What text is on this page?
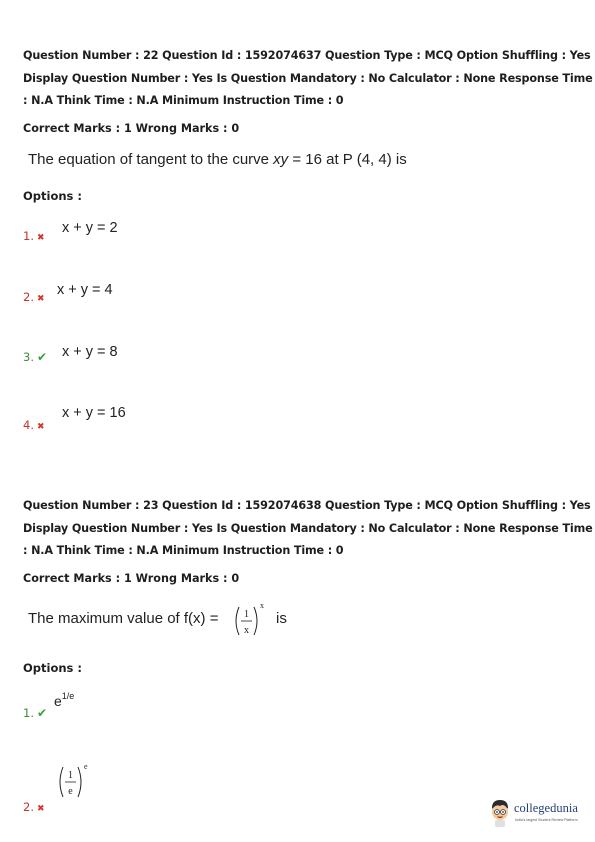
Question Number : 22 Question Id : 1592074637 Question Type : MCQ Option Shuffling : Yes
Display Question Number : Yes Is Question Mandatory : No Calculator : None Response Time
: N.A Think Time : N.A Minimum Instruction Time : 0
Correct Marks : 1 Wrong Marks : 0
The equation of tangent to the curve xy = 16 at P (4, 4) is
Options :
1. ✖
x + y = 2
2. ✖
x + y = 4
3. ✔ x + y = 8
4. ✖
x + y = 16
Question Number : 23 Question Id : 1592074638 Question Type : MCQ Option Shuffling : Yes
Display Question Number : Yes Is Question Mandatory : No Calculator : None Response Time
: N.A Think Time : N.A Minimum Instruction Time : 0
Correct Marks : 1 Wrong Marks : 0
The maximum value of f(x) =	1
x
x
is
Options :
1. ✔
$e^{1/e}$
2. ✖
1
e
e
collegedunia
India's largest Student Review Platform
